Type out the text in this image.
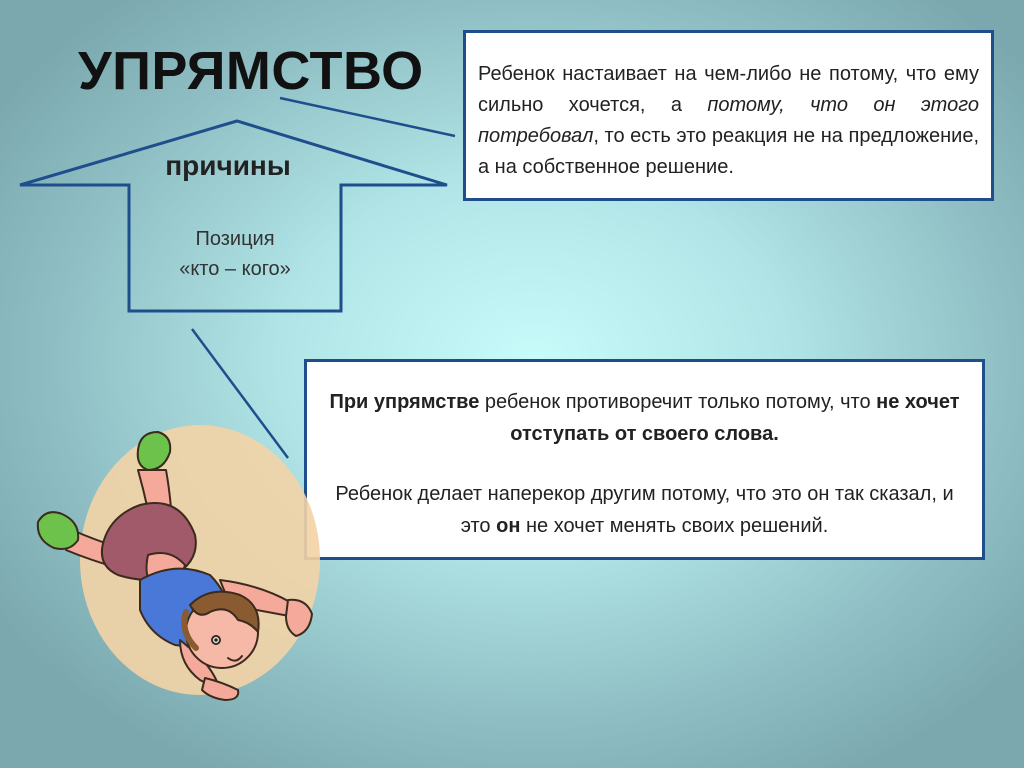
УПРЯМСТВО
причины
Позиция
«кто – кого»
Ребенок настаивает на чем-либо не потому, что ему сильно хочется, а потому, что он этого потребовал, то есть это реакция не на предложение, а на собственное решение.

При упрямстве ребенок противоречит только потому, что не хочет отступать от своего слова.

Ребенок делает наперекор другим потому, что это он так сказал, и это он не хочет менять своих решений.
